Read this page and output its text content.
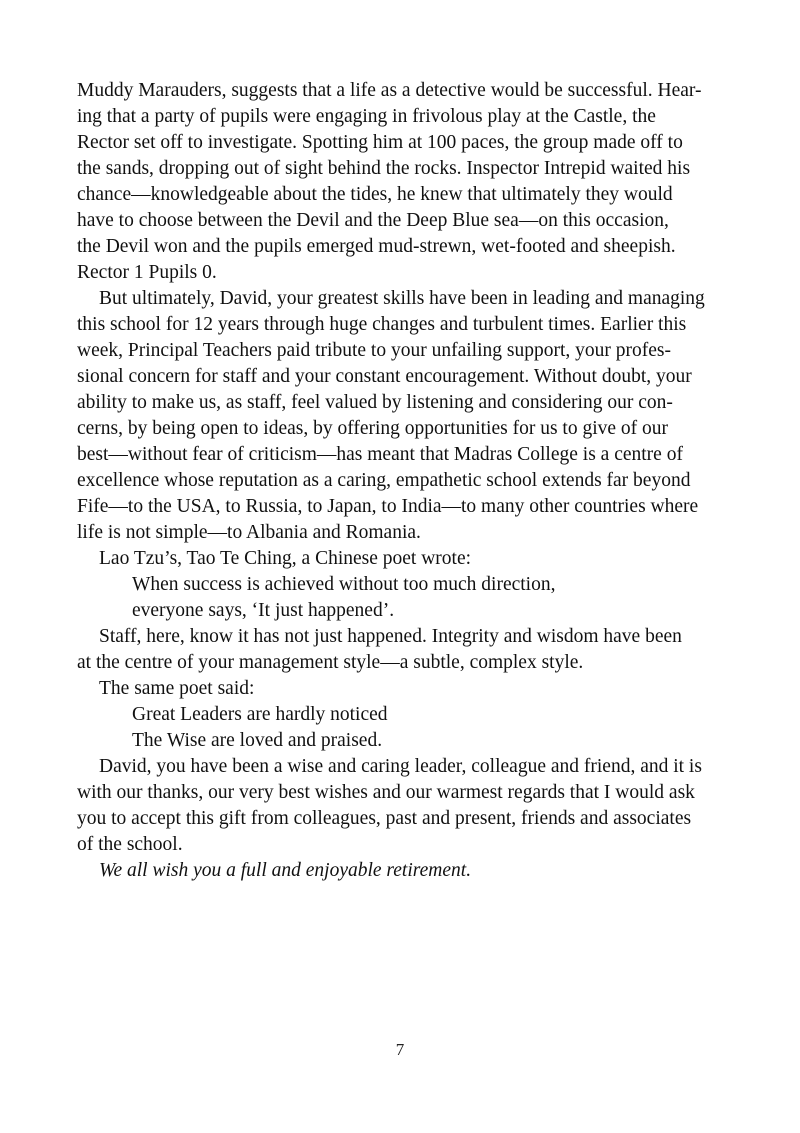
Muddy Marauders, suggests that a life as a detective would be successful. Hear-
ing that a party of pupils were engaging in frivolous play at the Castle, the
Rector set off to investigate. Spotting him at 100 paces, the group made off to
the sands, dropping out of sight behind the rocks. Inspector Intrepid waited his
chance—knowledgeable about the tides, he knew that ultimately they would
have to choose between the Devil and the Deep Blue sea—on this occasion,
the Devil won and the pupils emerged mud-strewn, wet-footed and sheepish.
Rector 1 Pupils 0.
But ultimately, David, your greatest skills have been in leading and managing
this school for 12 years through huge changes and turbulent times. Earlier this
week, Principal Teachers paid tribute to your unfailing support, your profes-
sional concern for staff and your constant encouragement. Without doubt, your
ability to make us, as staff, feel valued by listening and considering our con-
cerns, by being open to ideas, by offering opportunities for us to give of our
best—without fear of criticism—has meant that Madras College is a centre of
excellence whose reputation as a caring, empathetic school extends far beyond
Fife—to the USA, to Russia, to Japan, to India—to many other countries where
life is not simple—to Albania and Romania.
Lao Tzu’s, Tao Te Ching, a Chinese poet wrote:
When success is achieved without too much direction,
everyone says, ‘It just happened’.
Staff, here, know it has not just happened. Integrity and wisdom have been
at the centre of your management style—a subtle, complex style.
The same poet said:
Great Leaders are hardly noticed
The Wise are loved and praised.
David, you have been a wise and caring leader, colleague and friend, and it is
with our thanks, our very best wishes and our warmest regards that I would ask
you to accept this gift from colleagues, past and present, friends and associates
of the school.
We all wish you a full and enjoyable retirement.
7
